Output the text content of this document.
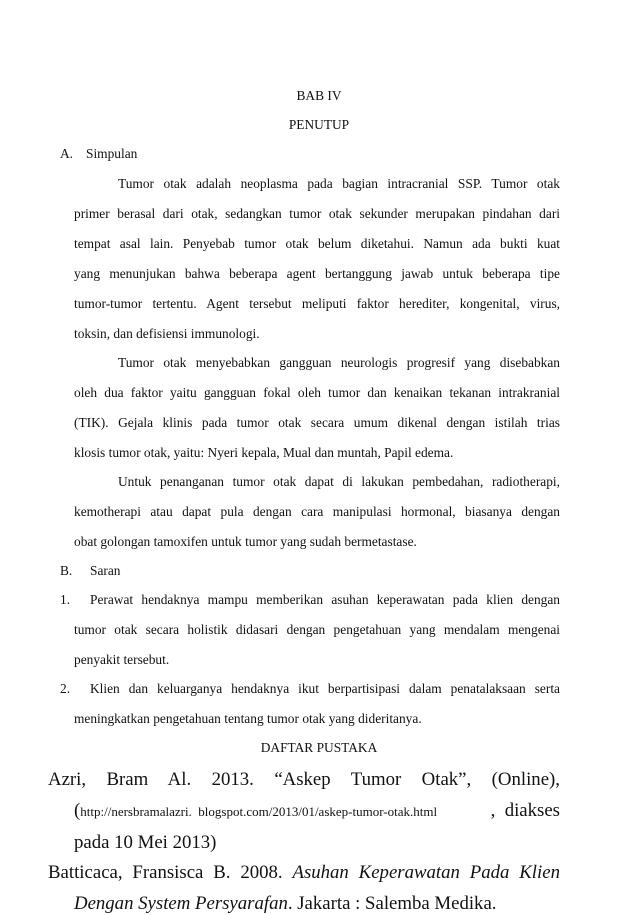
BAB IV
PENUTUP
A. Simpulan
Tumor otak adalah neoplasma pada bagian intracranial SSP. Tumor otak
primer berasal dari otak, sedangkan tumor otak sekunder merupakan pindahan dari
tempat asal lain. Penyebab tumor otak belum diketahui. Namun ada bukti kuat
yang menunjukan bahwa beberapa agent bertanggung jawab untuk beberapa tipe
tumor-tumor tertentu. Agent tersebut meliputi faktor herediter, kongenital, virus,
toksin, dan defisiensi immunologi.
Tumor otak menyebabkan gangguan neurologis progresif yang disebabkan
oleh dua faktor yaitu gangguan fokal oleh tumor dan kenaikan tekanan intrakranial
(TIK). Gejala klinis pada tumor otak secara umum dikenal dengan istilah trias
klosis tumor otak, yaitu: Nyeri kepala, Mual dan muntah, Papil edema.
Untuk penanganan tumor otak dapat di lakukan pembedahan, radiotherapi,
kemotherapi atau dapat pula dengan cara manipulasi hormonal, biasanya dengan
obat golongan tamoxifen untuk tumor yang sudah bermetastase.
B. Saran
1. Perawat hendaknya mampu memberikan asuhan keperawatan pada klien dengan
tumor otak secara holistik didasari dengan pengetahuan yang mendalam mengenai
penyakit tersebut.
2. Klien dan keluarganya hendaknya ikut berpartisipasi dalam penatalaksaan serta
meningkatkan pengetahuan tentang tumor otak yang dideritanya.
DAFTAR PUSTAKA
Azri, Bram Al. 2013. “Askep Tumor Otak”, (Online),
( http://nersbramalazri.  blogspot.com/2013/01/askep-tumor-otak.html	,  diakses
pada 10 Mei 2013)
Batticaca, Fransisca B. 2008. Asuhan Keperawatan Pada Klien
Dengan System Persyarafan. Jakarta : Salemba Medika.
